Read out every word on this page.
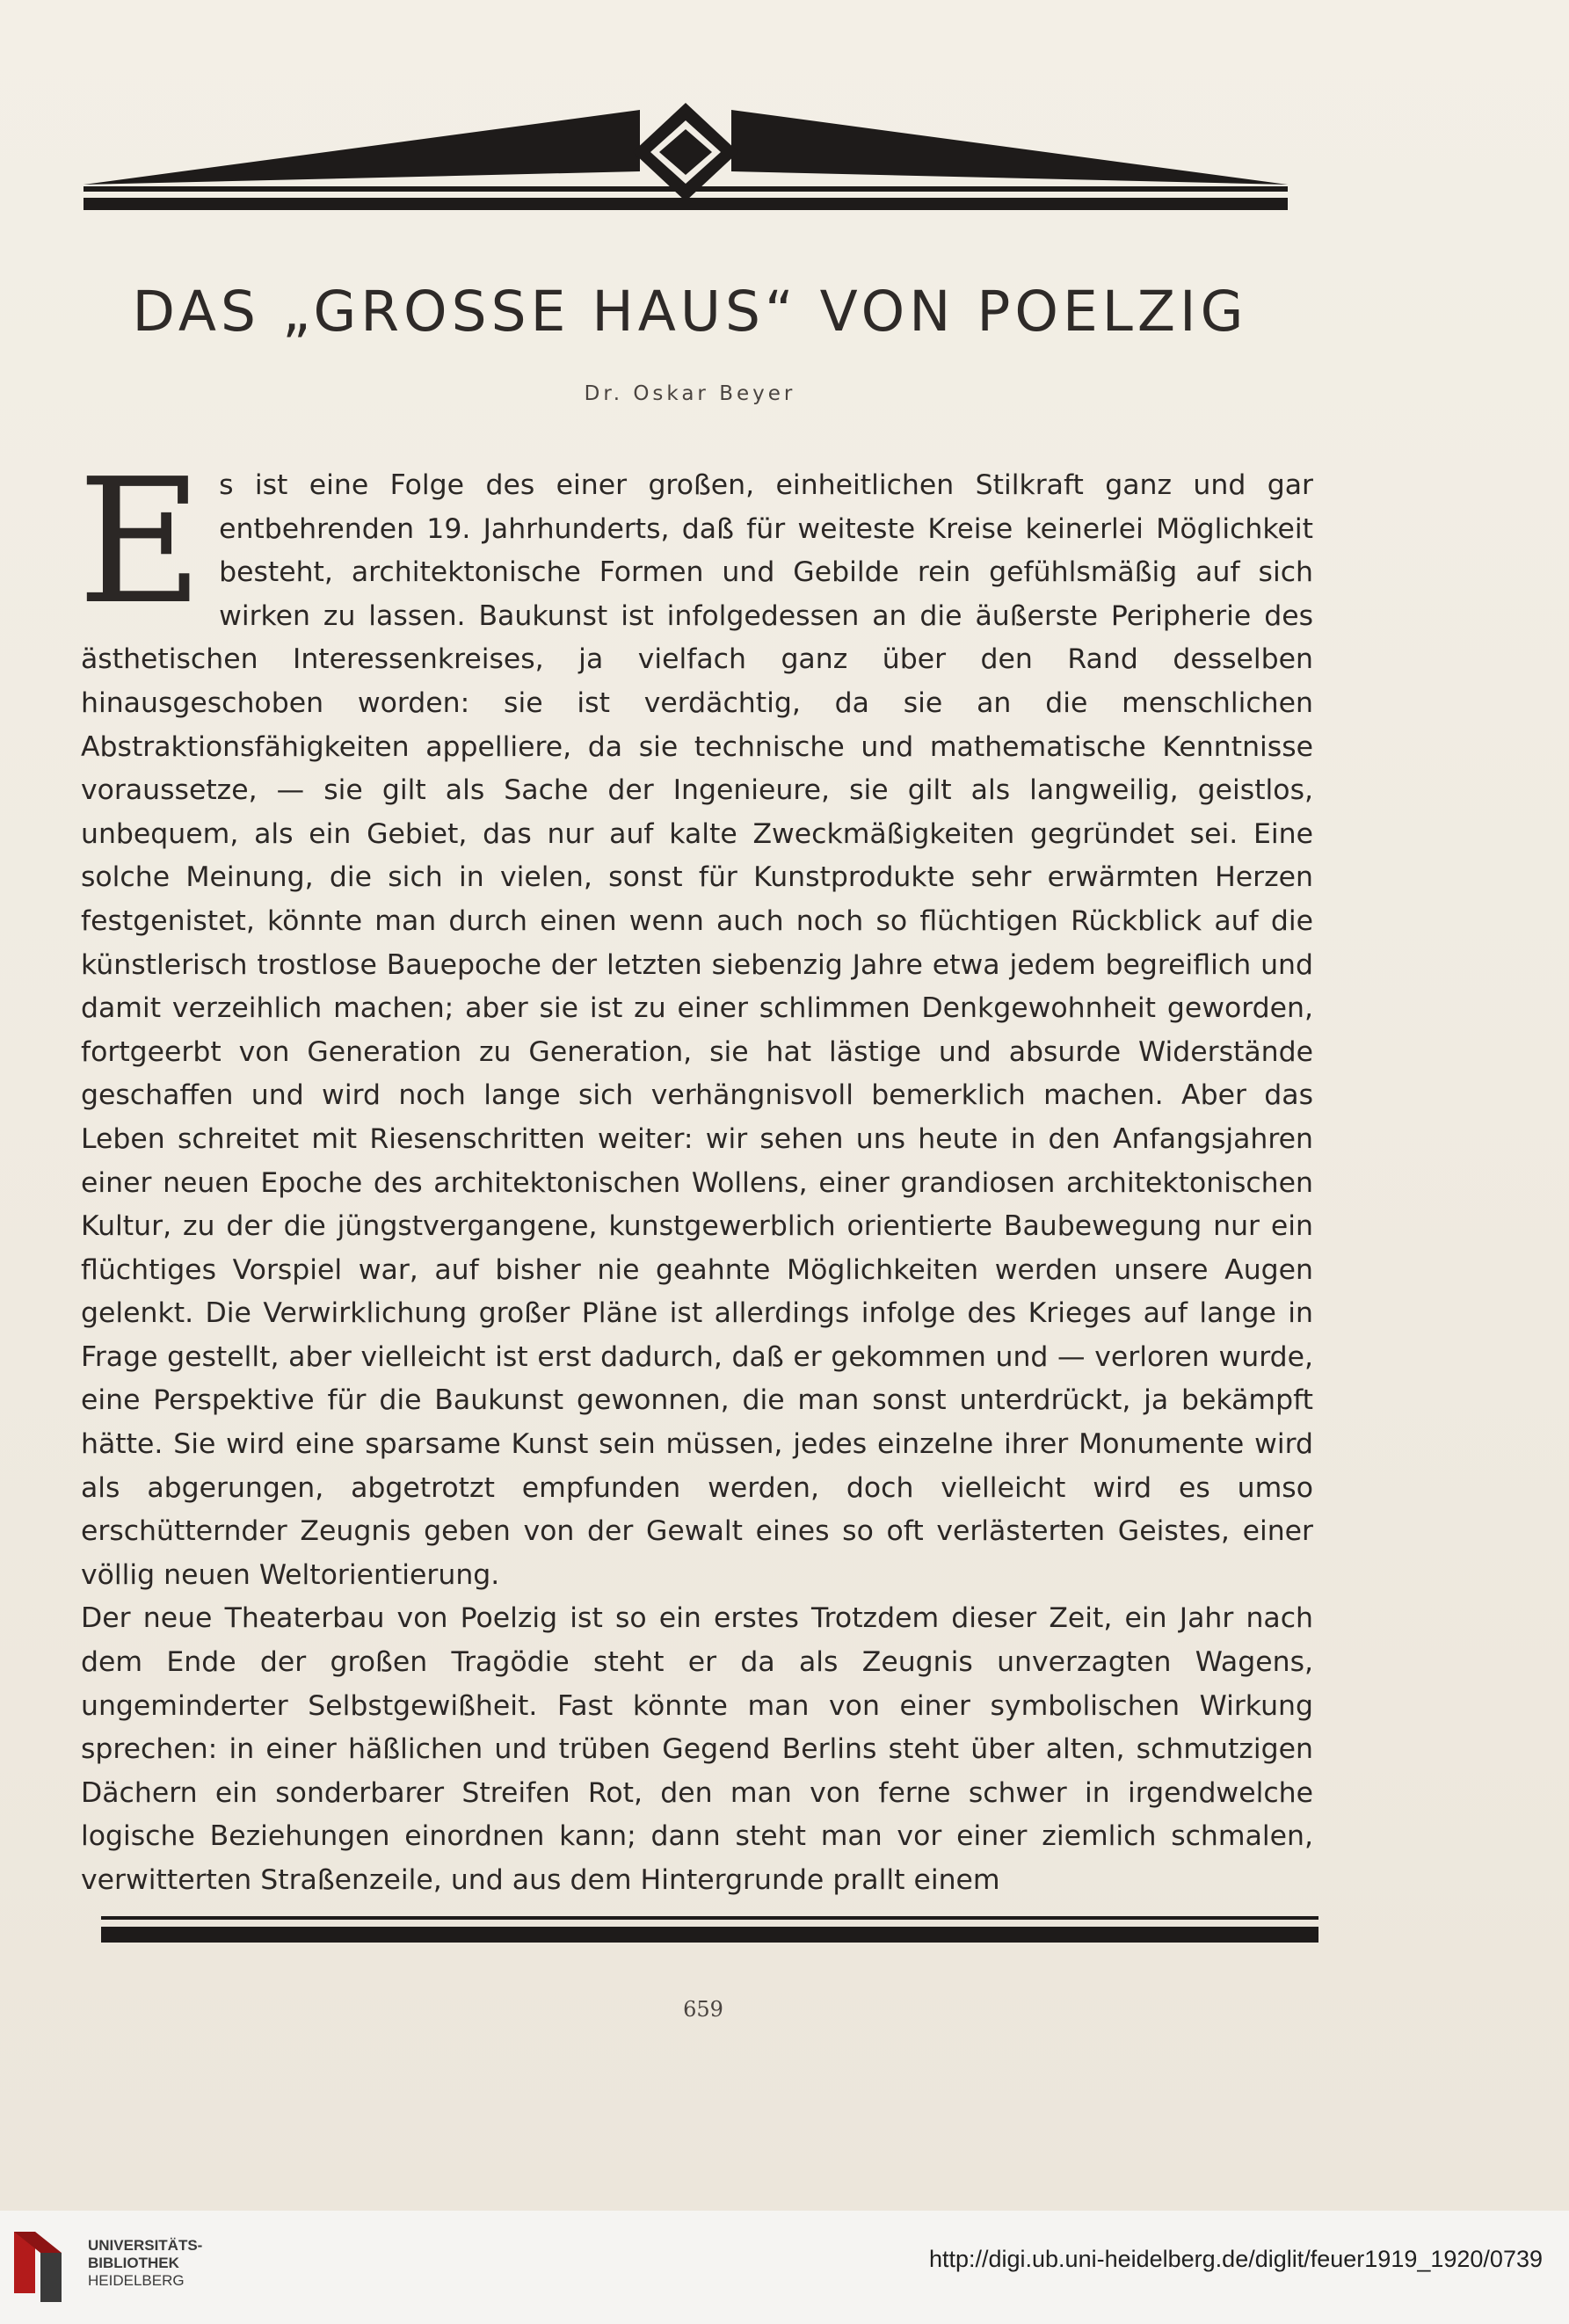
DAS „GROSSE HAUS“ VON POELZIG
Dr. Oskar Beyer

Es ist eine Folge des einer großen, einheitlichen Stilkraft ganz und gar entbehrenden 19. Jahrhunderts, daß für weiteste Kreise keinerlei Möglichkeit besteht, architektonische Formen und Gebilde rein gefühlsmäßig auf sich wirken zu lassen. Baukunst ist infolgedessen an die äußerste Peripherie des ästhetischen Interessenkreises, ja vielfach ganz über den Rand desselben hinausgeschoben worden: sie ist verdächtig, da sie an die menschlichen Abstraktionsfähigkeiten appelliere, da sie technische und mathematische Kenntnisse voraussetze, — sie gilt als Sache der Ingenieure, sie gilt als langweilig, geistlos, unbequem, als ein Gebiet, das nur auf kalte Zweckmäßigkeiten gegründet sei. Eine solche Meinung, die sich in vielen, sonst für Kunstprodukte sehr erwärmten Herzen festgenistet, könnte man durch einen wenn auch noch so flüchtigen Rückblick auf die künstlerisch trostlose Bauepoche der letzten siebenzig Jahre etwa jedem begreiflich und damit verzeihlich machen; aber sie ist zu einer schlimmen Denkgewohnheit geworden, fortgeerbt von Generation zu Generation, sie hat lästige und absurde Widerstände geschaffen und wird noch lange sich verhängnisvoll bemerklich machen. Aber das Leben schreitet mit Riesenschritten weiter: wir sehen uns heute in den Anfangsjahren einer neuen Epoche des architektonischen Wollens, einer grandiosen architektonischen Kultur, zu der die jüngstvergangene, kunstgewerblich orientierte Baubewegung nur ein flüchtiges Vorspiel war, auf bisher nie geahnte Möglichkeiten werden unsere Augen gelenkt. Die Verwirklichung großer Pläne ist allerdings infolge des Krieges auf lange in Frage gestellt, aber vielleicht ist erst dadurch, daß er gekommen und — verloren wurde, eine Perspektive für die Baukunst gewonnen, die man sonst unterdrückt, ja bekämpft hätte. Sie wird eine sparsame Kunst sein müssen, jedes einzelne ihrer Monumente wird als abgerungen, abgetrotzt empfunden werden, doch vielleicht wird es umso erschütternder Zeugnis geben von der Gewalt eines so oft verlästerten Geistes, einer völlig neuen Weltorientierung.

Der neue Theaterbau von Poelzig ist so ein erstes Trotzdem dieser Zeit, ein Jahr nach dem Ende der großen Tragödie steht er da als Zeugnis unverzagten Wagens, ungeminderter Selbstgewißheit. Fast könnte man von einer symbolischen Wirkung sprechen: in einer häßlichen und trüben Gegend Berlins steht über alten, schmutzigen Dächern ein sonderbarer Streifen Rot, den man von ferne schwer in irgendwelche logische Beziehungen einordnen kann; dann steht man vor einer ziemlich schmalen, verwitterten Straßenzeile, und aus dem Hintergrunde prallt einem

659
UNIVERSITÄTS-
BIBLIOTHEK
HEIDELBERG
http://digi.ub.uni-heidelberg.de/diglit/feuer1919_1920/0739
